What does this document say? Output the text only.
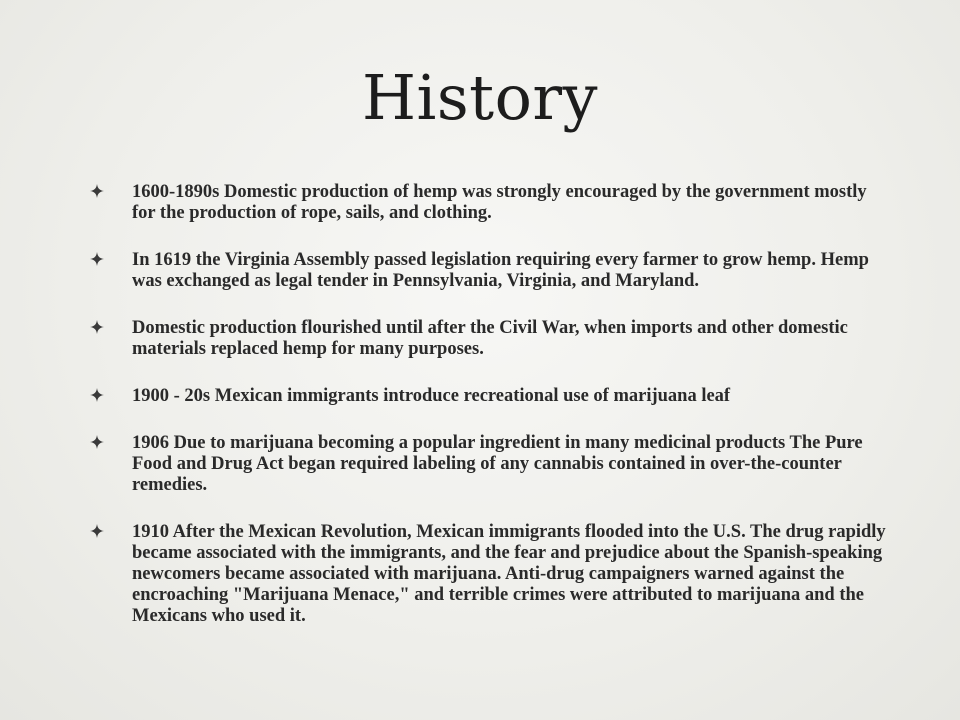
History
1600-1890s Domestic production of hemp was strongly encouraged by the government mostly for the production of rope, sails, and clothing.
In 1619 the Virginia Assembly passed legislation requiring every farmer to grow hemp. Hemp was exchanged as legal tender in Pennsylvania, Virginia, and Maryland.
Domestic production flourished until after the Civil War, when imports and other domestic materials replaced hemp for many purposes.
1900 - 20s Mexican immigrants introduce recreational use of marijuana leaf
1906 Due to marijuana becoming a popular ingredient in many medicinal products The Pure Food and Drug Act began required labeling of any cannabis contained in over-the-counter remedies.
1910 After the Mexican Revolution, Mexican immigrants flooded into the U.S. The drug rapidly became associated with the immigrants, and the fear and prejudice about the Spanish-speaking newcomers became associated with marijuana. Anti-drug campaigners warned against the encroaching "Marijuana Menace," and terrible crimes were attributed to marijuana and the Mexicans who used it.
